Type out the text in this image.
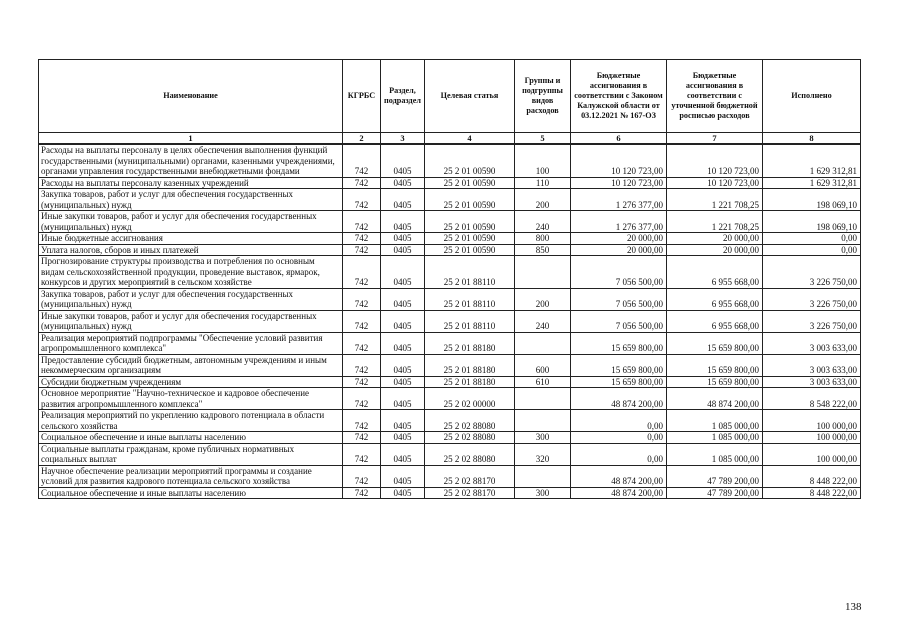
Наименование	КГРБС	Раздел, подраздел	Целевая статья	Группы и подгруппы видов расходов	Бюджетные ассигнования в соответствии с Законом Калужской области от 03.12.2021 № 167-ОЗ	Бюджетные ассигнования в соответствии с уточненной бюджетной росписью расходов	Исполнено
1	2	3	4	5	6	7	8
Расходы на выплаты персоналу в целях обеспечения выполнения функций государственными (муниципальными) органами, казенными учреждениями, органами управления государственными внебюджетными фондами	742	0405	25 2 01 00590	100	10 120 723,00	10 120 723,00	1 629 312,81
Расходы на выплаты персоналу казенных учреждений	742	0405	25 2 01 00590	110	10 120 723,00	10 120 723,00	1 629 312,81
Закупка товаров, работ и услуг для обеспечения государственных (муниципальных) нужд	742	0405	25 2 01 00590	200	1 276 377,00	1 221 708,25	198 069,10
Иные закупки товаров, работ и услуг для обеспечения государственных (муниципальных) нужд	742	0405	25 2 01 00590	240	1 276 377,00	1 221 708,25	198 069,10
Иные бюджетные ассигнования	742	0405	25 2 01 00590	800	20 000,00	20 000,00	0,00
Уплата налогов, сборов и иных платежей	742	0405	25 2 01 00590	850	20 000,00	20 000,00	0,00
Прогнозирование структуры производства и потребления по основным видам сельскохозяйственной продукции, проведение выставок, ярмарок, конкурсов и других мероприятий в сельском хозяйстве	742	0405	25 2 01 88110		7 056 500,00	6 955 668,00	3 226 750,00
Закупка товаров, работ и услуг для обеспечения государственных (муниципальных) нужд	742	0405	25 2 01 88110	200	7 056 500,00	6 955 668,00	3 226 750,00
Иные закупки товаров, работ и услуг для обеспечения государственных (муниципальных) нужд	742	0405	25 2 01 88110	240	7 056 500,00	6 955 668,00	3 226 750,00
Реализация мероприятий подпрограммы "Обеспечение условий развития агропромышленного комплекса"	742	0405	25 2 01 88180		15 659 800,00	15 659 800,00	3 003 633,00
Предоставление субсидий бюджетным, автономным учреждениям и иным некоммерческим организациям	742	0405	25 2 01 88180	600	15 659 800,00	15 659 800,00	3 003 633,00
Субсидии бюджетным учреждениям	742	0405	25 2 01 88180	610	15 659 800,00	15 659 800,00	3 003 633,00
Основное мероприятие "Научно-техническое и кадровое обеспечение развития агропромышленного комплекса"	742	0405	25 2 02 00000		48 874 200,00	48 874 200,00	8 548 222,00
Реализация мероприятий по укреплению кадрового потенциала в области сельского хозяйства	742	0405	25 2 02 88080		0,00	1 085 000,00	100 000,00
Социальное обеспечение и иные выплаты населению	742	0405	25 2 02 88080	300	0,00	1 085 000,00	100 000,00
Социальные выплаты гражданам, кроме публичных нормативных социальных выплат	742	0405	25 2 02 88080	320	0,00	1 085 000,00	100 000,00
Научное обеспечение реализации мероприятий программы и создание условий для развития кадрового потенциала сельского хозяйства	742	0405	25 2 02 88170		48 874 200,00	47 789 200,00	8 448 222,00
Социальное обеспечение и иные выплаты населению	742	0405	25 2 02 88170	300	48 874 200,00	47 789 200,00	8 448 222,00
138
